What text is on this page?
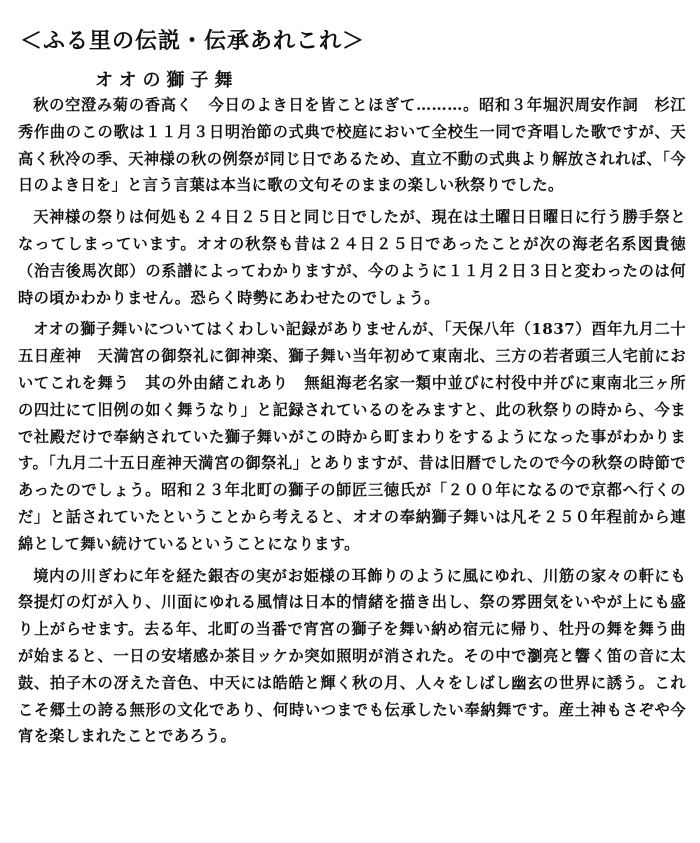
＜ふる里の伝説・伝承あれこれ＞
オオの獅子舞

秋の空澄み菊の香高く　今日のよき日を皆ことほぎて………。昭和３年堀沢周安作詞　杉江秀作曲のこの歌は１１月３日明治節の式典で校庭において全校生一同で斉唱した歌ですが、天高く秋冷の季、天神様の秋の例祭が同じ日であるため、直立不動の式典より解放されれば、「今日のよき日を」と言う言葉は本当に歌の文句そのままの楽しい秋祭りでした。

天神様の祭りは何処も２４日２５日と同じ日でしたが、現在は土曜日日曜日に行う勝手祭となってしまっています。オオの秋祭も昔は２４日２５日であったことが次の海老名系図貴徳（治吉後馬次郎）の系譜によってわかりますが、今のように１１月２日３日と変わったのは何時の頃かわかりません。恐らく時勢にあわせたのでしょう。

オオの獅子舞いについてはくわしい記録がありませんが、「天保八年（1837）酉年九月二十五日産神　天満宮の御祭礼に御神楽、獅子舞い当年初めて東南北、三方の若者頭三人宅前においてこれを舞う　其の外由緒これあり　無組海老名家一類中並びに村役中并びに東南北三ヶ所の四辻にて旧例の如く舞うなり」と記録されているのをみますと、此の秋祭りの時から、今まで社殿だけで奉納されていた獅子舞いがこの時から町まわりをするようになった事がわかります。「九月二十五日産神天満宮の御祭礼」とありますが、昔は旧暦でしたので今の秋祭の時節であったのでしょう。昭和２３年北町の獅子の師匠三徳氏が「２００年になるので京都へ行くのだ」と話されていたということから考えると、オオの奉納獅子舞いは凡そ２５０年程前から連綿として舞い続けているということになります。

境内の川ぎわに年を経た銀杏の実がお姫様の耳飾りのように風にゆれ、川筋の家々の軒にも祭提灯の灯が入り、川面にゆれる風情は日本的情緒を描き出し、祭の雰囲気をいやが上にも盛り上がらせます。去る年、北町の当番で宵宮の獅子を舞い納め宿元に帰り、牡丹の舞を舞う曲が始まると、一日の安堵感か茶目ッケか突如照明が消された。その中で瀏亮と響く笛の音に太鼓、拍子木の冴えた音色、中天には皓皓と輝く秋の月、人々をしばし幽玄の世界に誘う。これこそ郷土の誇る無形の文化であり、何時いつまでも伝承したい奉納舞です。産土神もさぞや今宵を楽しまれたことであろう。
